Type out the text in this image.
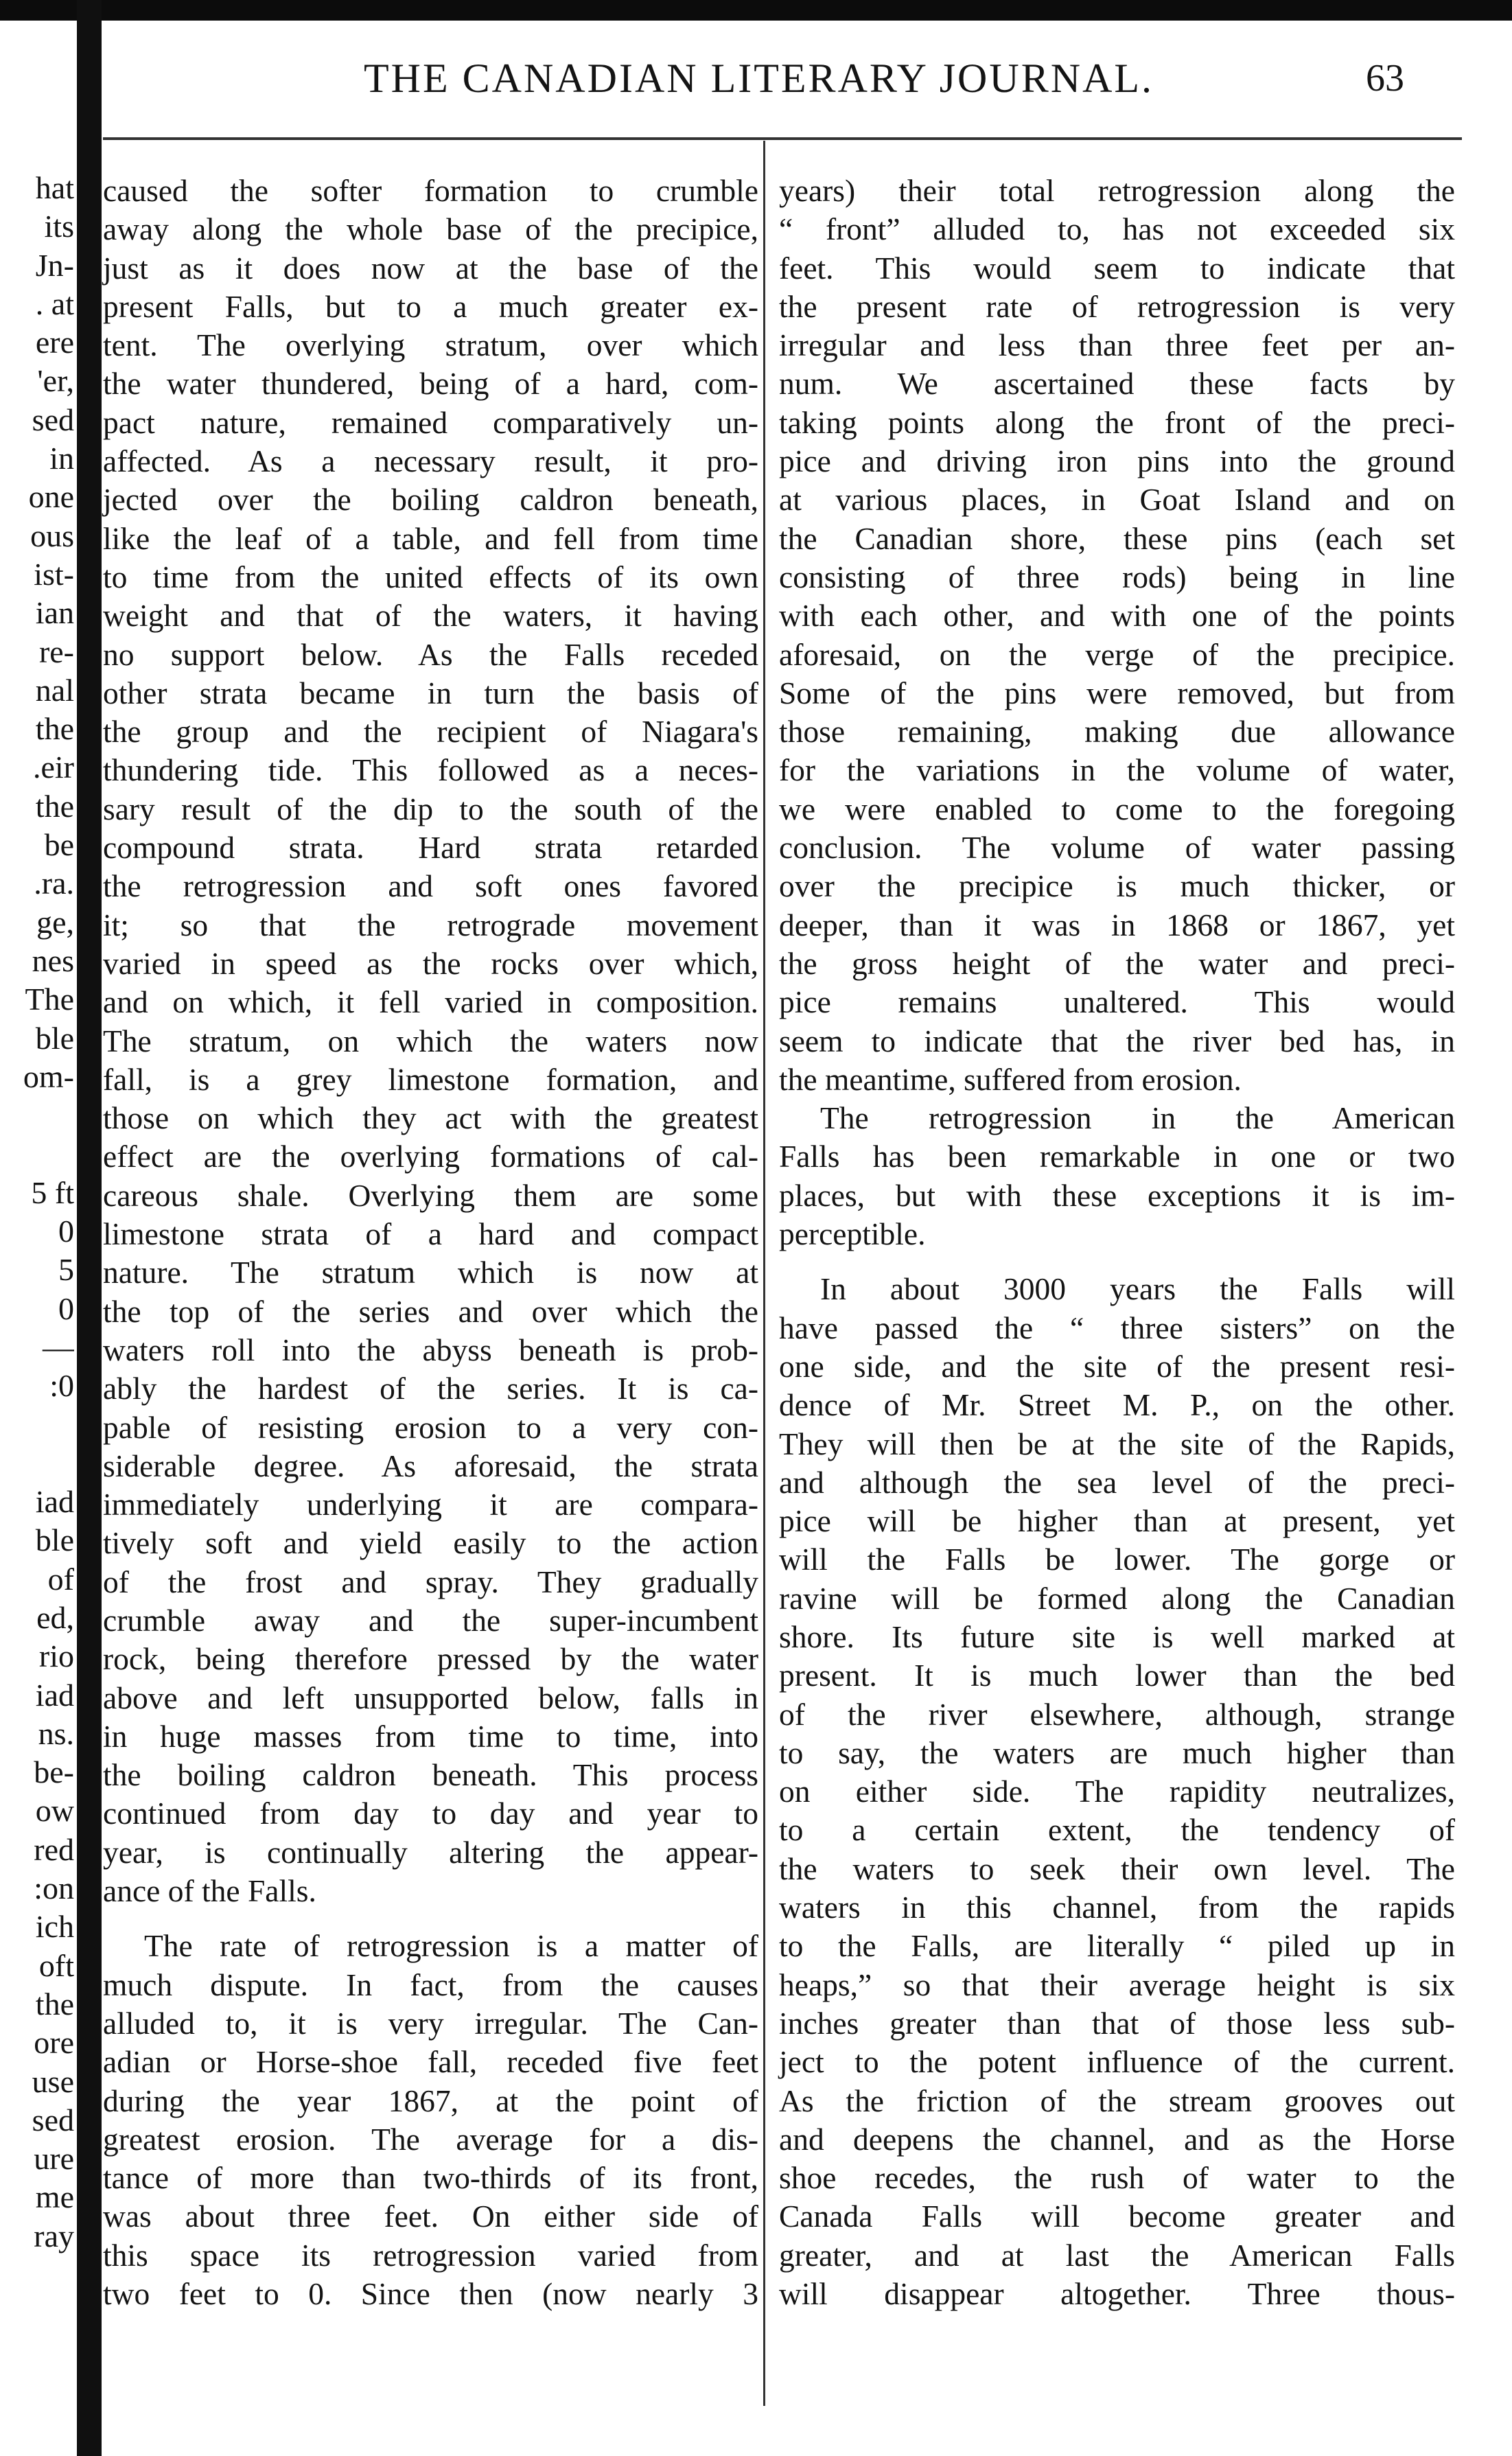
THE CANADIAN LITERARY JOURNAL.	63
hat
its
Jn-
. at
ere
'er,
sed
in
one
ous
ist-
ian
re-
nal
the
.eir
the
be
.ra.
ge,
nes
The
ble
om-
5 ft
0
5
0
—
:0
iad
ble
of
ed,
rio
iad
ns.
be-
ow
red
:on
ich
oft
the
ore
use
sed
ure
me
ray
caused the softer formation to crumble
away along the whole base of the precipice,
just as it does now at the base of the
present Falls, but to a much greater ex-
tent. The overlying stratum, over which
the water thundered, being of a hard, com-
pact nature, remained comparatively un-
affected. As a necessary result, it pro-
jected over the boiling caldron beneath,
like the leaf of a table, and fell from time
to time from the united effects of its own
weight and that of the waters, it having
no support below. As the Falls receded
other strata became in turn the basis of
the group and the recipient of Niagara's
thundering tide. This followed as a neces-
sary result of the dip to the south of the
compound strata. Hard strata retarded
the retrogression and soft ones favored
it; so that the retrograde movement
varied in speed as the rocks over which,
and on which, it fell varied in composition.
The stratum, on which the waters now
fall, is a grey limestone formation, and
those on which they act with the greatest
effect are the overlying formations of cal-
careous shale. Overlying them are some
limestone strata of a hard and compact
nature. The stratum which is now at
the top of the series and over which the
waters roll into the abyss beneath is prob-
ably the hardest of the series. It is ca-
pable of resisting erosion to a very con-
siderable degree. As aforesaid, the strata
immediately underlying it are compara-
tively soft and yield easily to the action
of the frost and spray. They gradually
crumble away and the super-incumbent
rock, being therefore pressed by the water
above and left unsupported below, falls in
in huge masses from time to time, into
the boiling caldron beneath. This process
continued from day to day and year to
year, is continually altering the appear-
ance of the Falls.
The rate of retrogression is a matter of
much dispute. In fact, from the causes
alluded to, it is very irregular. The Can-
adian or Horse-shoe fall, receded five feet
during the year 1867, at the point of
greatest erosion. The average for a dis-
tance of more than two-thirds of its front,
was about three feet. On either side of
this space its retrogression varied from
two feet to 0. Since then (now nearly 3
years) their total retrogression along the
“ front” alluded to, has not exceeded six
feet. This would seem to indicate that
the present rate of retrogression is very
irregular and less than three feet per an-
num. We ascertained these facts by
taking points along the front of the preci-
pice and driving iron pins into the ground
at various places, in Goat Island and on
the Canadian shore, these pins (each set
consisting of three rods) being in line
with each other, and with one of the points
aforesaid, on the verge of the precipice.
Some of the pins were removed, but from
those remaining, making due allowance
for the variations in the volume of water,
we were enabled to come to the foregoing
conclusion. The volume of water passing
over the precipice is much thicker, or
deeper, than it was in 1868 or 1867, yet
the gross height of the water and preci-
pice remains unaltered. This would
seem to indicate that the river bed has, in
the meantime, suffered from erosion.
The retrogression in the American
Falls has been remarkable in one or two
places, but with these exceptions it is im-
perceptible.
In about 3000 years the Falls will
have passed the “ three sisters” on the
one side, and the site of the present resi-
dence of Mr. Street M. P., on the other.
They will then be at the site of the Rapids,
and although the sea level of the preci-
pice will be higher than at present, yet
will the Falls be lower. The gorge or
ravine will be formed along the Canadian
shore. Its future site is well marked at
present. It is much lower than the bed
of the river elsewhere, although, strange
to say, the waters are much higher than
on either side. The rapidity neutralizes,
to a certain extent, the tendency of
the waters to seek their own level. The
waters in this channel, from the rapids
to the Falls, are literally “ piled up in
heaps,” so that their average height is six
inches greater than that of those less sub-
ject to the potent influence of the current.
As the friction of the stream grooves out
and deepens the channel, and as the Horse
shoe recedes, the rush of water to the
Canada Falls will become greater and
greater, and at last the American Falls
will disappear altogether. Three thous-
